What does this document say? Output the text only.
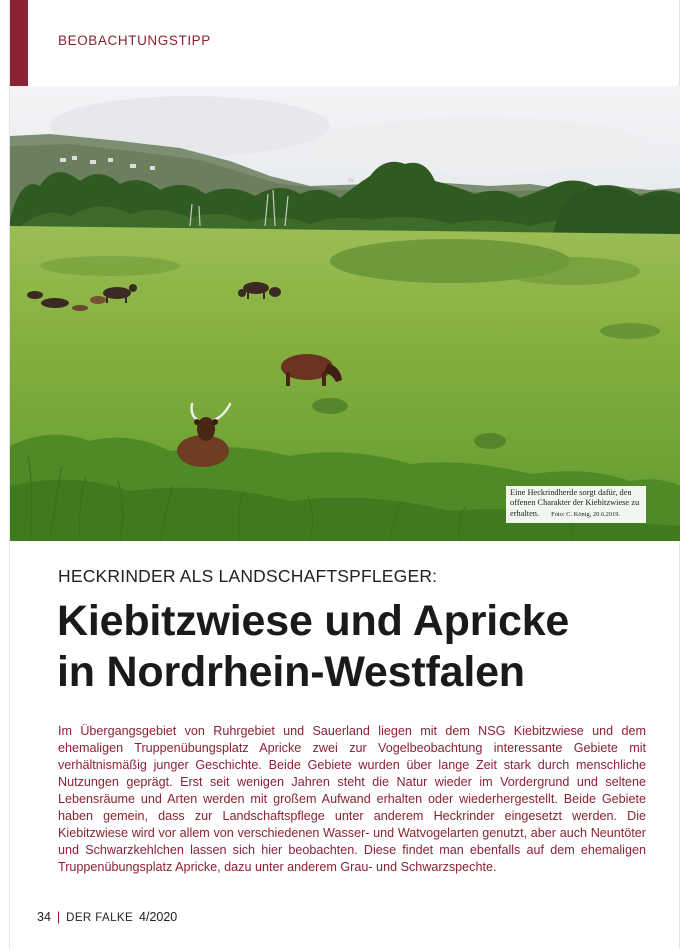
BEOBACHTUNGSTIPP
Eine Heckrindherde sorgt dafür, den offenen Charakter der Kiebitzwiese zu erhalten. Foto: C. König, 20.6.2019.
HECKRINDER ALS LANDSCHAFTSPFLEGER:
Kiebitzwiese und Apricke
in Nordrhein-Westfalen

Im Übergangsgebiet von Ruhrgebiet und Sauerland liegen mit dem NSG Kiebitzwiese und dem ehemaligen Truppenübungsplatz Apricke zwei zur Vogelbeobachtung interessante Gebiete mit verhältnismäßig junger Geschichte. Beide Gebiete wurden über lange Zeit stark durch menschliche Nutzungen geprägt. Erst seit wenigen Jahren steht die Natur wieder im Vordergrund und seltene Lebensräume und Arten werden mit großem Aufwand erhalten oder wiederhergestellt. Beide Gebiete haben gemein, dass zur Landschaftspflege unter anderem Heckrinder eingesetzt werden. Die Kiebitzwiese wird vor allem von verschiedenen Wasser- und Watvogelarten genutzt, aber auch Neuntöter und Schwarzkehlchen lassen sich hier beobachten. Diese findet man ebenfalls auf dem ehemaligen Truppenübungsplatz Apricke, dazu unter anderem Grau- und Schwarzspechte.

34 | DER FALKE 4/2020
